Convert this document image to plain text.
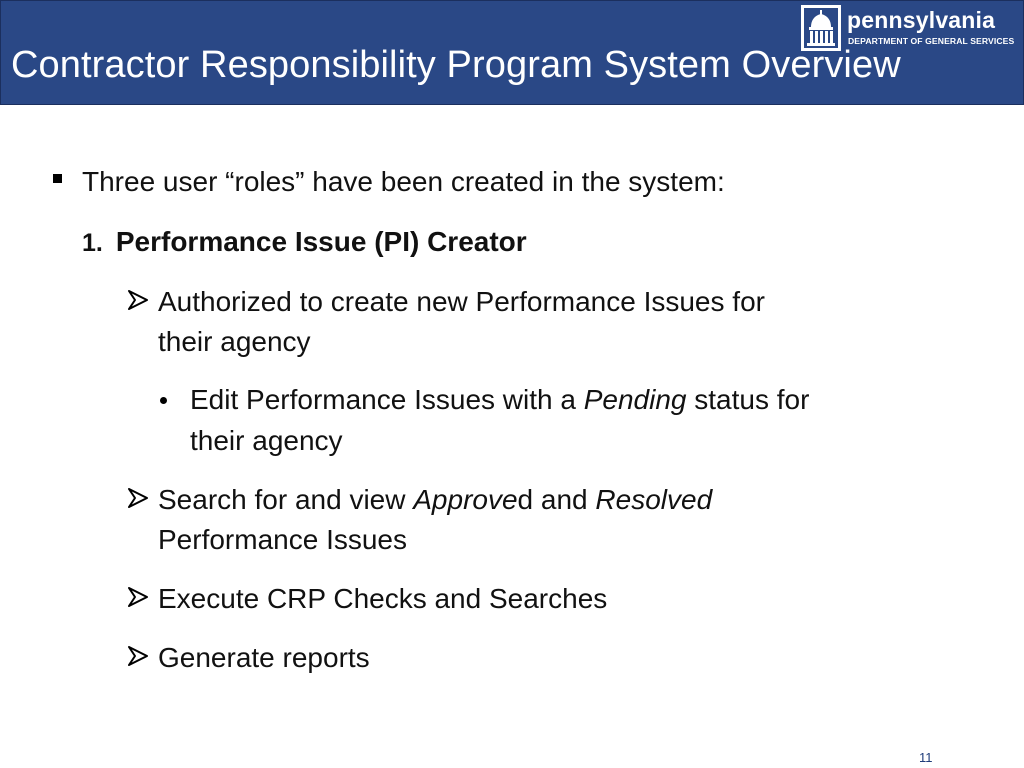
pennsylvania
DEPARTMENT OF GENERAL SERVICES
Contractor Responsibility Program System Overview
Three user “roles” have been created in the system:
1. Performance Issue (PI) Creator
Authorized to create new Performance Issues for
their agency
Edit Performance Issues with a Pending status for
their agency
Search for and view Approved and Resolved
Performance Issues
Execute CRP Checks and Searches
Generate reports
11
